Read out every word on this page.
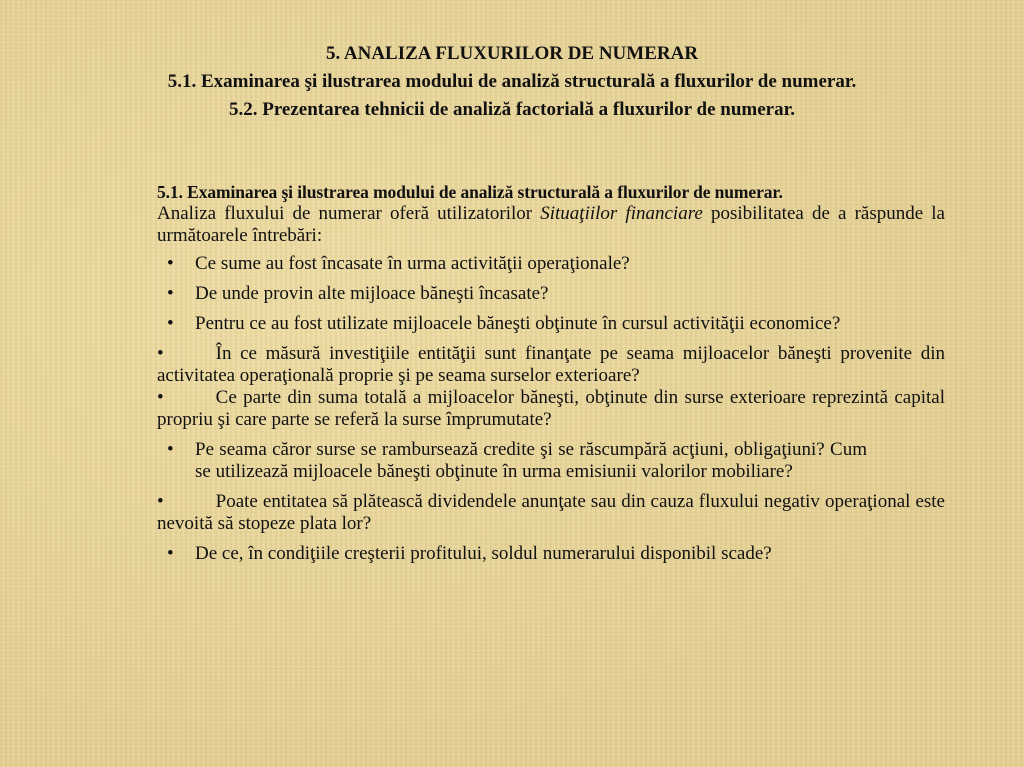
5. ANALIZA FLUXURILOR DE NUMERAR
5.1. Examinarea şi ilustrarea modului de analiză structurală a fluxurilor de numerar.
5.2. Prezentarea tehnicii de analiză factorială a fluxurilor de numerar.
5.1. Examinarea şi ilustrarea modului de analiză structurală a fluxurilor de numerar.
Analiza fluxului de numerar oferă utilizatorilor Situaţiilor financiare posibilitatea de a răspunde la următoarele întrebări:
•	Ce sume au fost încasate în urma activităţii operaţionale?
•	De unde provin alte mijloace băneşti încasate?
•	Pentru ce au fost utilizate mijloacele băneşti obţinute în cursul activităţii economice?
•	În ce măsură investiţiile entităţii sunt finanţate pe seama mijloacelor băneşti provenite din activitatea operaţională proprie şi pe seama surselor exterioare?
•	Ce parte din suma totală a mijloacelor băneşti, obţinute din surse exterioare reprezintă capital propriu şi care parte se referă la surse împrumutate?
•	Pe seama căror surse se rambursează credite şi se răscumpără acţiuni, obligaţiuni? Cum se utilizează mijloacele băneşti obţinute în urma emisiunii valorilor mobiliare?
•	Poate entitatea să plătească dividendele anunţate sau din cauza fluxului negativ operaţional este nevoită să stopeze plata lor?
•	De ce, în condiţiile creşterii profitului, soldul numerarului disponibil scade?
